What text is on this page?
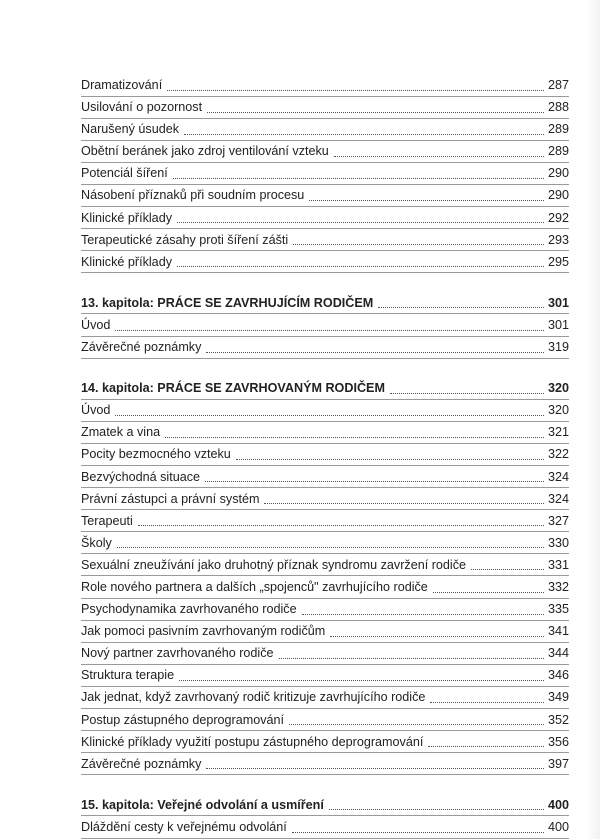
Dramatizování	287
Usilování o pozornost	288
Narušený úsudek	289
Obětní beránek jako zdroj ventilování vzteku	289
Potenciál šíření	290
Násobení příznaků při soudním procesu	290
Klinické příklady	292
Terapeutické zásahy proti šíření zášti	293
Klinické příklady	295
13. kapitola: PRÁCE SE ZAVRHUJÍCÍM RODIČEM	301
Úvod	301
Závěrečné poznámky	319
14. kapitola: PRÁCE SE ZAVRHOVANÝM RODIČEM	320
Úvod	320
Zmatek a vina	321
Pocity bezmocného vzteku	322
Bezvýchodná situace	324
Právní zástupci a právní systém	324
Terapeuti	327
Školy	330
Sexuální zneužívání jako druhotný příznak syndromu zavržení rodiče	331
Role nového partnera a dalších „spojenců" zavrhujícího rodiče	332
Psychodynamika zavrhovaného rodiče	335
Jak pomoci pasivním zavrhovaným rodičům	341
Nový partner zavrhovaného rodiče	344
Struktura terapie	346
Jak jednat, když zavrhovaný rodič kritizuje zavrhujícího rodiče	349
Postup zástupného deprogramování	352
Klinické příklady využití postupu zástupného deprogramování	356
Závěrečné poznámky	397
15. kapitola: Veřejné odvolání a usmíření	400
Dláždění cesty k veřejnému odvolání	400
